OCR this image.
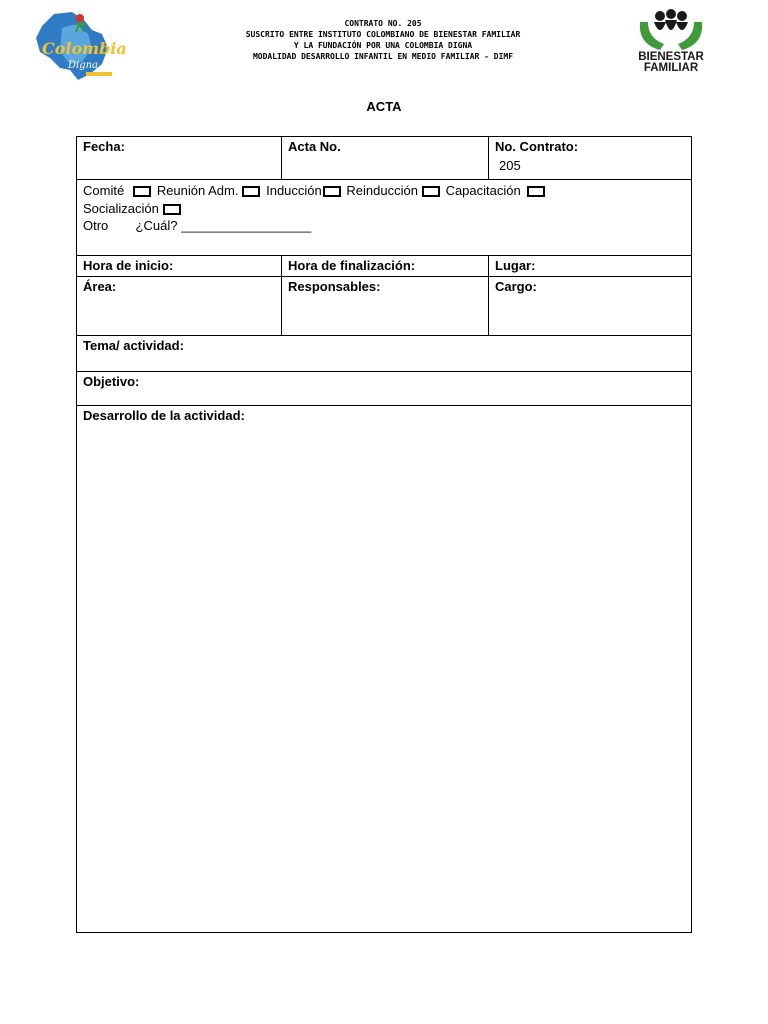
Colombia
Digna
CONTRATO NO. 205
SUSCRITO ENTRE INSTITUTO COLOMBIANO DE BIENESTAR FAMILIAR
Y LA FUNDACIÓN POR UNA COLOMBIA DIGNA
MODALIDAD DESARROLLO INFANTIL EN MEDIO FAMILIAR - DIMF	BIENESTAR
FAMILIAR
ACTA
Fecha:	Acta No.	No. Contrato:
205
Comité	Reunión Adm. Inducción Reinducción Capacitación
Socialización
Otro ¿Cuál? __________________
Hora de inicio:	Hora de finalización:	Lugar:
Área:	Responsables:	Cargo:
Tema/ actividad:
Objetivo:
Desarrollo de la actividad:
